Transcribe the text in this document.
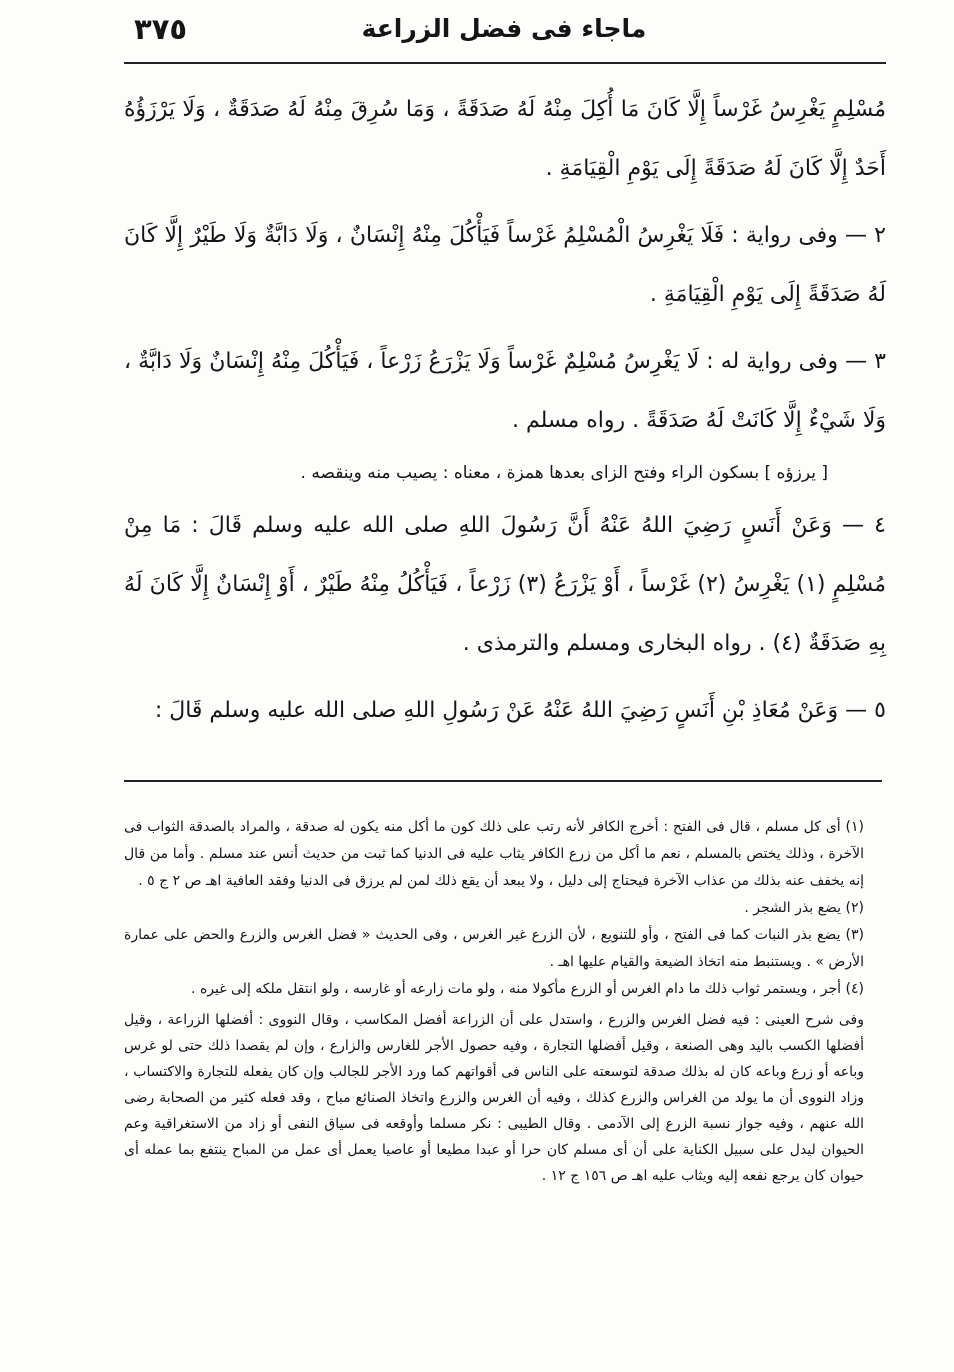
٣٧٥	ماجاء فى فضل الزراعة

مُسْلِمٍ يَغْرِسُ غَرْساً إِلَّا كَانَ مَا أُكِلَ مِنْهُ لَهُ صَدَقَةً ، وَمَا سُرِقَ مِنْهُ لَهُ صَدَقَةٌ ، وَلَا يَرْزَؤُهُ أَحَدٌ إِلَّا كَانَ لَهُ صَدَقَةً إِلَى يَوْمِ الْقِيَامَةِ .

٢ — وفى رواية : فَلَا يَغْرِسُ الْمُسْلِمُ غَرْساً فَيَأْكُلَ مِنْهُ إِنْسَانٌ ، وَلَا دَابَّةٌ وَلَا طَيْرٌ إِلَّا كَانَ لَهُ صَدَقَةً إِلَى يَوْمِ الْقِيَامَةِ .

٣ — وفى رواية له : لَا يَغْرِسُ مُسْلِمٌ غَرْساً وَلَا يَزْرَعُ زَرْعاً ، فَيَأْكُلَ مِنْهُ إِنْسَانٌ وَلَا دَابَّةٌ ، وَلَا شَيْءٌ إِلَّا كَانَتْ لَهُ صَدَقَةً . رواه مسلم .

[ يرزؤه ] بسكون الراء وفتح الزاى بعدها همزة ، معناه : يصيب منه وينقصه .

٤ — وَعَنْ أَنَسٍ رَضِيَ اللهُ عَنْهُ أَنَّ رَسُولَ اللهِ صلى الله عليه وسلم قَالَ : مَا مِنْ مُسْلِمٍ (١) يَغْرِسُ (٢) غَرْساً ، أَوْ يَزْرَعُ (٣) زَرْعاً ، فَيَأْكُلُ مِنْهُ طَيْرٌ ، أَوْ إِنْسَانٌ إِلَّا كَانَ لَهُ بِهِ صَدَقَةٌ (٤) . رواه البخارى ومسلم والترمذى .

٥ — وَعَنْ مُعَاذِ بْنِ أَنَسٍ رَضِيَ اللهُ عَنْهُ عَنْ رَسُولِ اللهِ صلى الله عليه وسلم قَالَ :

(١) أى كل مسلم ، قال فى الفتح : أخرج الكافر لأنه رتب على ذلك كون ما أكل منه يكون له صدقة ، والمراد بالصدقة الثواب فى الآخرة ، وذلك يختص بالمسلم ، نعم ما أكل من زرع الكافر يثاب عليه فى الدنيا كما ثبت من حديث أنس عند مسلم . وأما من قال إنه يخفف عنه بذلك من عذاب الآخرة فيحتاج إلى دليل ، ولا يبعد أن يقع ذلك لمن لم يرزق فى الدنيا وفقد العافية اهـ ص ٢ ج ٥ .

(٢) يضع بذر الشجر .

(٣) يضع بذر النبات كما فى الفتح ، وأو للتنويع ، لأن الزرع غير الغرس ، وفى الحديث « فضل الغرس والزرع والحض على عمارة الأرض » . ويستنبط منه اتخاذ الضيعة والقيام عليها اهـ .

(٤) أجر ، ويستمر ثواب ذلك ما دام الغرس أو الزرع مأكولا منه ، ولو مات زارعه أو غارسه ، ولو انتقل ملكه إلى غيره .

وفى شرح العينى : فيه فضل الغرس والزرع ، واستدل على أن الزراعة أفضل المكاسب ، وقال النووى : أفضلها الزراعة ، وقيل أفضلها الكسب باليد وهى الصنعة ، وقيل أفضلها التجارة ، وفيه حصول الأجر للغارس والزارع ، وإن لم يقصدا ذلك حتى لو غرس وباعه أو زرع وباعه كان له بذلك صدقة لتوسعته على الناس فى أقواتهم كما ورد الأجر للجالب وإن كان يفعله للتجارة والاكتساب ، وزاد النووى أن ما يولد من الغراس والزرع كذلك ، وفيه أن الغرس والزرع واتخاذ الصنائع مباح ، وقد فعله كثير من الصحابة رضى الله عنهم ، وفيه جواز نسبة الزرع إلى الآدمى . وقال الطيبى : نكر مسلما وأوقعه فى سياق النفى أو زاد من الاستغراقية وعم الحيوان ليدل على سبيل الكناية على أن أى مسلم كان حرا أو عبدا مطيعا أو عاصيا يعمل أى عمل من المباح ينتفع بما عمله أى حيوان كان يرجع نفعه إليه ويثاب عليه اهـ ص ١٥٦ ج ١٢ .
